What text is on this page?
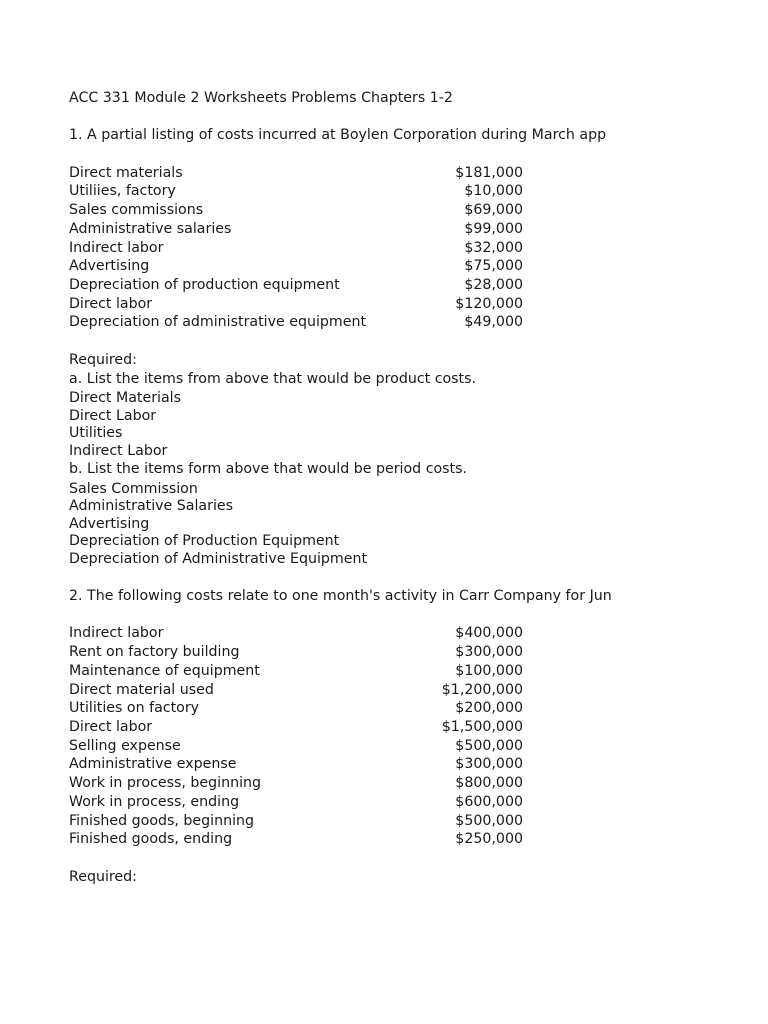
ACC 331 Module 2 Worksheets Problems Chapters 1-2
1. A partial listing of costs incurred at Boylen Corporation during March app
Direct materials	$181,000
Utiliies, factory	$10,000
Sales commissions	$69,000
Administrative salaries	$99,000
Indirect labor	$32,000
Advertising	$75,000
Depreciation of production equipment	$28,000
Direct labor	$120,000
Depreciation of administrative equipment	$49,000
Required:
a. List the items from above that would be product costs.
Direct Materials
Direct Labor
Utilities
Indirect Labor
b. List the items form above that would be period costs.
Sales Commission
Administrative Salaries
Advertising
Depreciation of Production Equipment
Depreciation of Administrative Equipment
2. The following costs relate to one month's activity in Carr Company for Jun
Indirect labor	$400,000
Rent on factory building	$300,000
Maintenance of equipment	$100,000
Direct material used	$1,200,000
Utilities on factory	$200,000
Direct labor	$1,500,000
Selling expense	$500,000
Administrative expense	$300,000
Work in process, beginning	$800,000
Work in process, ending	$600,000
Finished goods, beginning	$500,000
Finished goods, ending	$250,000
Required:
